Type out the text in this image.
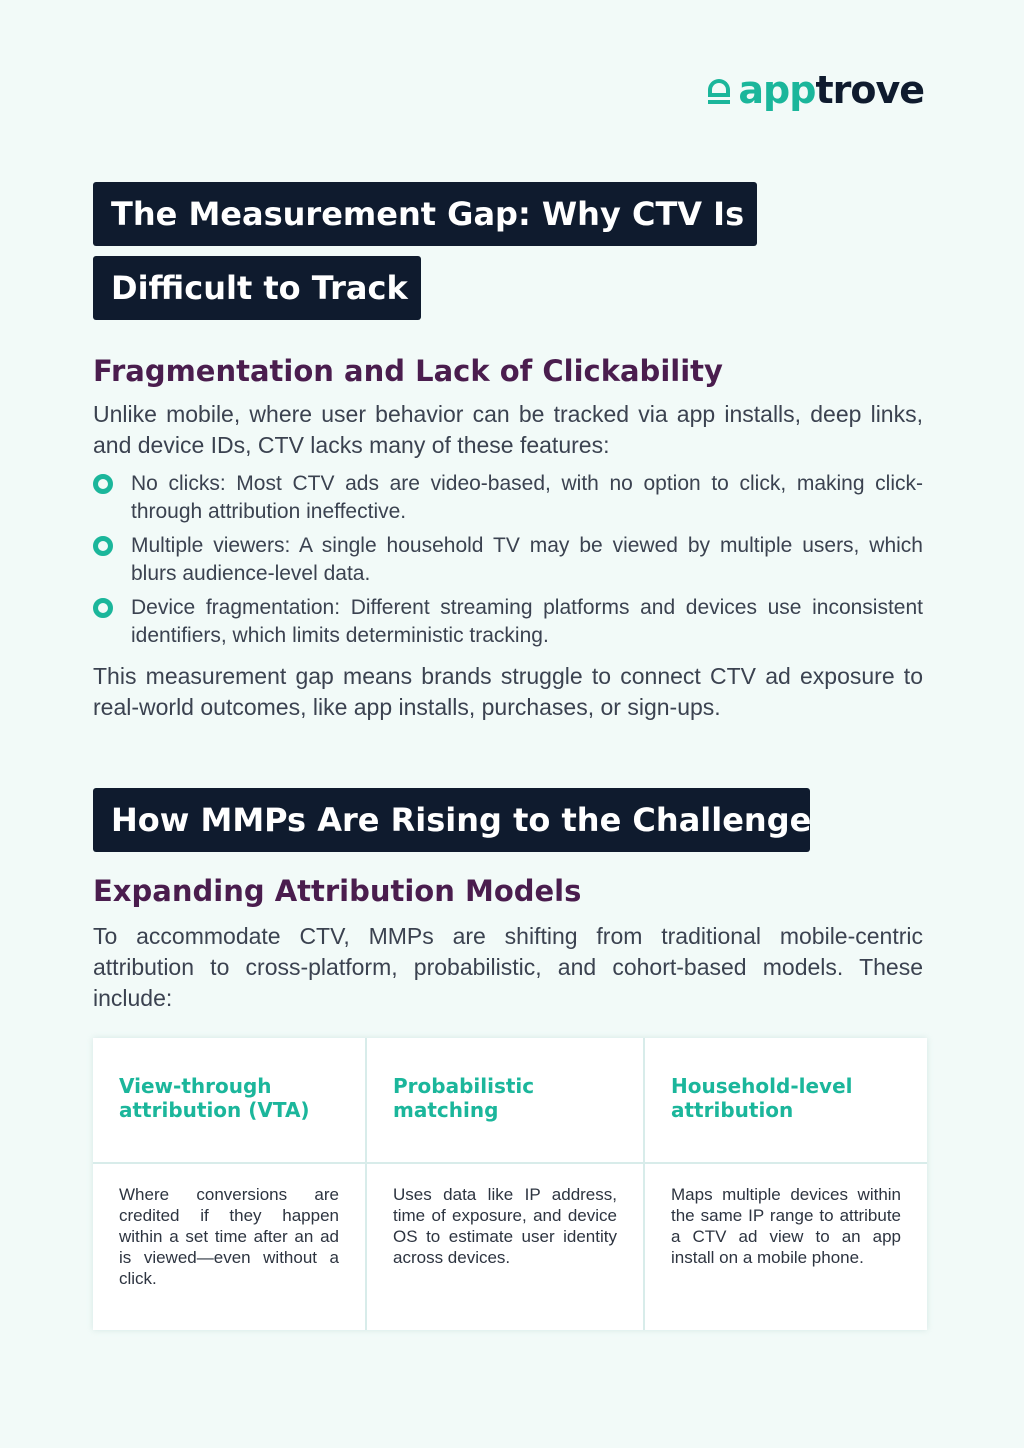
apptrove
The Measurement Gap: Why CTV Is
Difficult to Track
Fragmentation and Lack of Clickability

Unlike mobile, where user behavior can be tracked via app installs, deep links, and device IDs, CTV lacks many of these features:

No clicks: Most CTV ads are video-based, with no option to click, making click-through attribution ineffective.
Multiple viewers: A single household TV may be viewed by multiple users, which blurs audience-level data.
Device fragmentation: Different streaming platforms and devices use inconsistent identifiers, which limits deterministic tracking.

This measurement gap means brands struggle to connect CTV ad exposure to real-world outcomes, like app installs, purchases, or sign-ups.

How MMPs Are Rising to the Challenge
Expanding Attribution Models

To accommodate CTV, MMPs are shifting from traditional mobile-centric attribution to cross-platform, probabilistic, and cohort-based models. These include:

View-through attribution (VTA)
Where conversions are credited if they happen within a set time after an ad is viewed—even without a click.
Probabilistic matching
Uses data like IP address, time of exposure, and device OS to estimate user identity across devices.
Household-level attribution
Maps multiple devices within the same IP range to attribute a CTV ad view to an app install on a mobile phone.
